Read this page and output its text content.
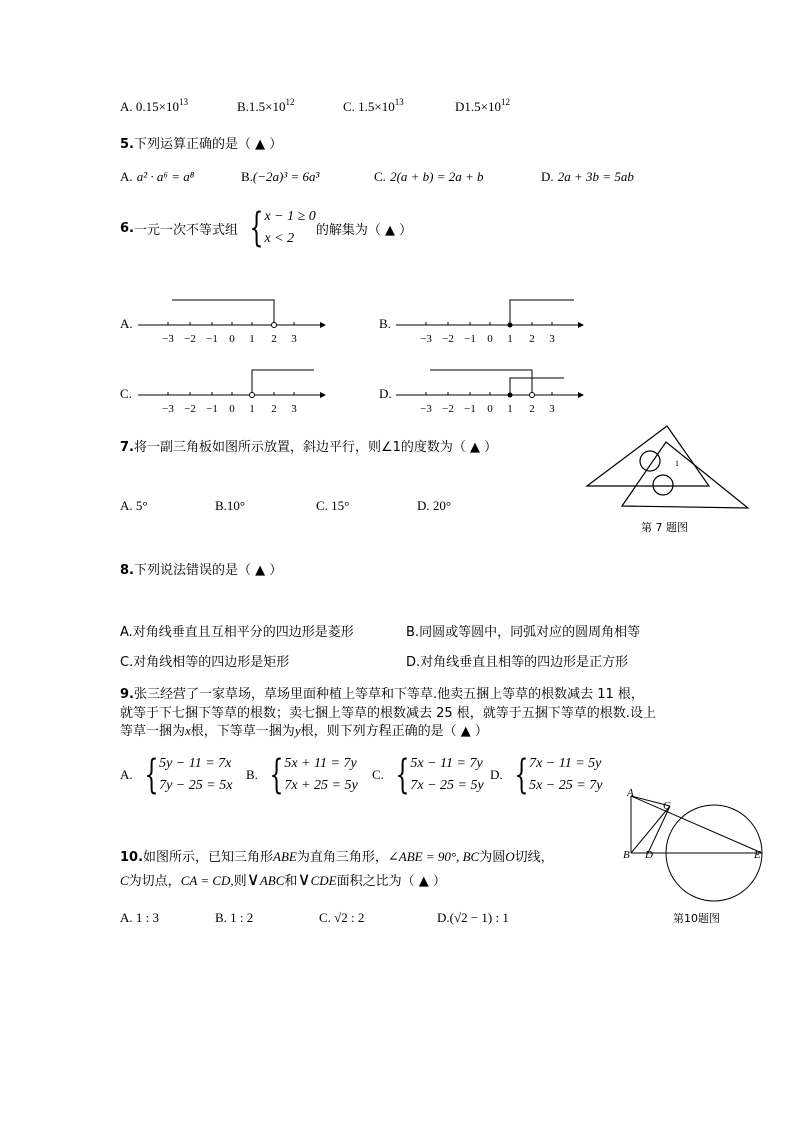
A. $0.15\times 10^{13}$	$B.1.5\times 10^{12}$	C. $1.5\times 10^{13}$	$D1.5\times 10^{12}$
5.下列运算正确的是（ ▲ ）
A. a² · a⁶ = a⁸	B.(−2a)³ = 6a³	C. 2(a + b) = 2a + b	D. 2a + 3b = 5ab
6. 一元一次不等式组 { x − 1 ≥ 0
x < 2
的解集为（ ▲ ）
A.	B.
C.	D.
−3 −2 −1 0 1 2 3	−3 −2 −1 0 1 2 3
−3 −2 −1 0 1 2 3	−3 −2 −1 0 1 2 3
7.将一副三角板如图所示放置，斜边平行，则∠1的度数为（ ▲ ）
A. 5°	B.10°	C. 15°	D. 20°
1
第 7 题图
8.下列说法错误的是（ ▲ ）
A.对角线垂直且互相平分的四边形是菱形	B.同圆或等圆中，同弧对应的圆周角相等
C.对角线相等的四边形是矩形	D.对角线垂直且相等的四边形是正方形
9.张三经营了一家草场，草场里面种植上等草和下等草.他卖五捆上等草的根数减去 11 根，
就等于下七捆下等草的根数；卖七捆上等草的根数减去 25 根，就等于五捆下等草的根数.设上
等草一捆为x根，下等草一捆为y根，则下列方程正确的是（ ▲ ）
A. { 5y − 11 = 7x
7y − 25 = 5x
B. { 5x + 11 = 7y
7x + 25 = 5y
C. { 5x − 11 = 7y
7x − 25 = 5y
D. { 7x − 11 = 5y
5x − 25 = 7y A
B
C
D	E
10.如图所示，已知三角形ABE为直角三角形，∠ABE = 90°, BC为圆O切线，
C为切点，CA = CD,则∨ABC和∨CDE面积之比为（ ▲ ）
A. 1 : 3	B. 1 : 2	C. √2 : 2	D.(√2 − 1) : 1	第10题图
